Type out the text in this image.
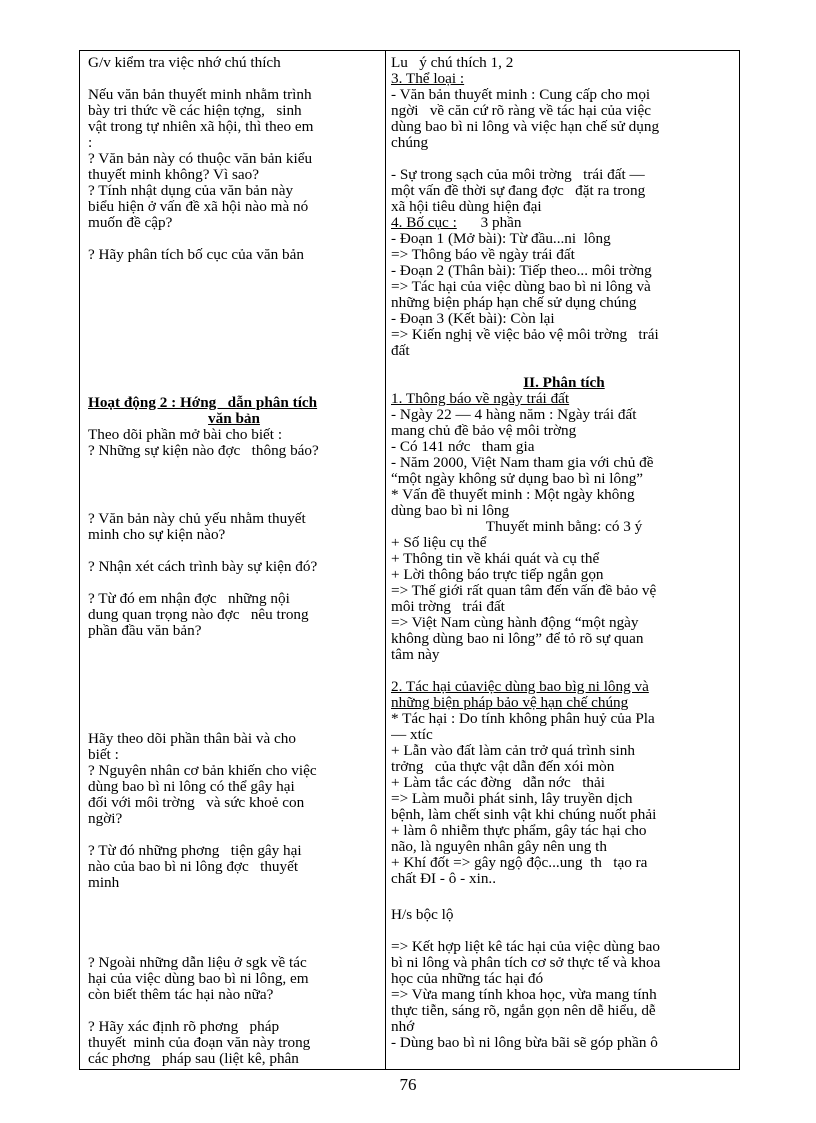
G/v kiểm tra việc nhớ chú thích
Nếu văn bản thuyết minh nhằm trình
bày tri thức về các hiện tợng,   sinh
vật trong tự nhiên xã hội, thì theo em
:
? Văn bản này có thuộc văn bản kiểu
thuyết minh không? Vì sao?
? Tính nhật dụng của văn bản này
biểu hiện ở vấn đề xã hội nào mà nó
muốn đề cập?
? Hãy phân tích bố cục của văn bản
Hoạt động 2 : Hớng   dẫn phân tích
văn bản
Theo dõi phần mở bài cho biết :
? Những sự kiện nào đợc   thông báo?
? Văn bản này chủ yếu nhằm thuyết
minh cho sự kiện nào?
? Nhận xét cách trình bày sự kiện đó?
? Từ đó em nhận đợc   những nội
dung quan trọng nào đợc   nêu trong
phần đầu văn bản?
Hãy theo dõi phần thân bài và cho
biết :
? Nguyên nhân cơ bản khiến cho việc
dùng bao bì ni lông có thể gây hại
đối với môi trờng   và sức khoẻ con
ngời?
? Từ đó những phơng   tiện gây hại
nào của bao bì ni lông đợc   thuyết
minh
? Ngoài những dẫn liệu ở sgk về tác
hại của việc dùng bao bì ni lông, em
còn biết thêm tác hại nào nữa?
? Hãy xác định rõ phơng   pháp
thuyết  minh của đoạn văn này trong
các phơng   pháp sau (liệt kê, phân
Lu   ý chú thích 1, 2
3. Thể loại :
- Văn bản thuyết minh : Cung cấp cho mọi
ngời   về căn cứ rõ ràng về tác hại của việc
dùng bao bì ni lông và việc hạn chế sử dụng
chúng
- Sự trong sạch của môi trờng   trái đất —
một vấn đề thời sự đang đợc   đặt ra trong
xã hội tiêu dùng hiện đại
4. Bố cục :	3 phần
- Đoạn 1 (Mở bài): Từ đầu...ni  lông
=> Thông báo về ngày trái đất
- Đoạn 2 (Thân bài): Tiếp theo... môi trờng
=> Tác hại của việc dùng bao bì ni lông và
những biện pháp hạn chế sử dụng chúng
- Đoạn 3 (Kết bài): Còn lại
=> Kiến nghị về việc bảo vệ môi trờng   trái
đất
II. Phân tích
1. Thông báo về ngày trái đất
- Ngày 22 — 4 hàng năm : Ngày trái đất
mang chủ đề bảo vệ môi trờng
- Có 141 nớc   tham gia
- Năm 2000, Việt Nam tham gia với chủ đề
“một ngày không sử dụng bao bì ni lông”
* Vấn đề thuyết minh : Một ngày không
dùng bao bì ni lông
Thuyết minh bằng: có 3 ý
+ Số liệu cụ thể
+ Thông tin về khái quát và cụ thể
+ Lời thông báo trực tiếp ngắn gọn
=> Thế giới rất quan tâm đến vấn đề bảo vệ
môi trờng   trái đất
=> Việt Nam cùng hành động “một ngày
không dùng bao ni lông” để tỏ rõ sự quan
tâm này
2. Tác hại củaviệc dùng bao bìg ni lông và
những biện pháp bảo vệ hạn chế chúng
* Tác hại : Do tính không phân huỷ của Pla
— xtíc
+ Lẫn vào đất làm cản trở quá trình sinh
trởng   của thực vật dẫn đến xói mòn
+ Làm tắc các đờng   dẫn nớc   thải
=> Làm muỗi phát sinh, lây truyền dịch
bệnh, làm chết sinh vật khi chúng nuốt phải
+ làm ô nhiễm thực phẩm, gây tác hại cho
não, là nguyên nhân gây nên ung th
+ Khí đốt => gây ngộ độc...ung  th   tạo ra
chất ĐI - ô - xin..
H/s bộc lộ
=> Kết hợp liệt kê tác hại của việc dùng bao
bì ni lông và phân tích cơ sở thực tế và khoa
học của những tác hại đó
=> Vừa mang tính khoa học, vừa mang tính
thực tiễn, sáng rõ, ngắn gọn nên dễ hiểu, dễ
nhớ
- Dùng bao bì ni lông bừa bãi sẽ góp phần ô
76
